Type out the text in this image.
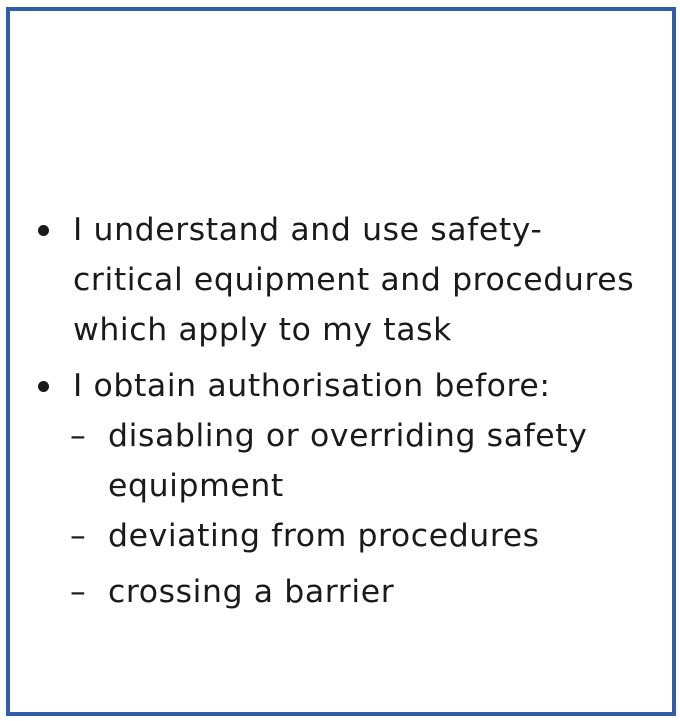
I understand and use safety-
critical equipment and procedures
which apply to my task
I obtain authorisation before:
– disabling or overriding safety
equipment
– deviating from procedures
– crossing a barrier
